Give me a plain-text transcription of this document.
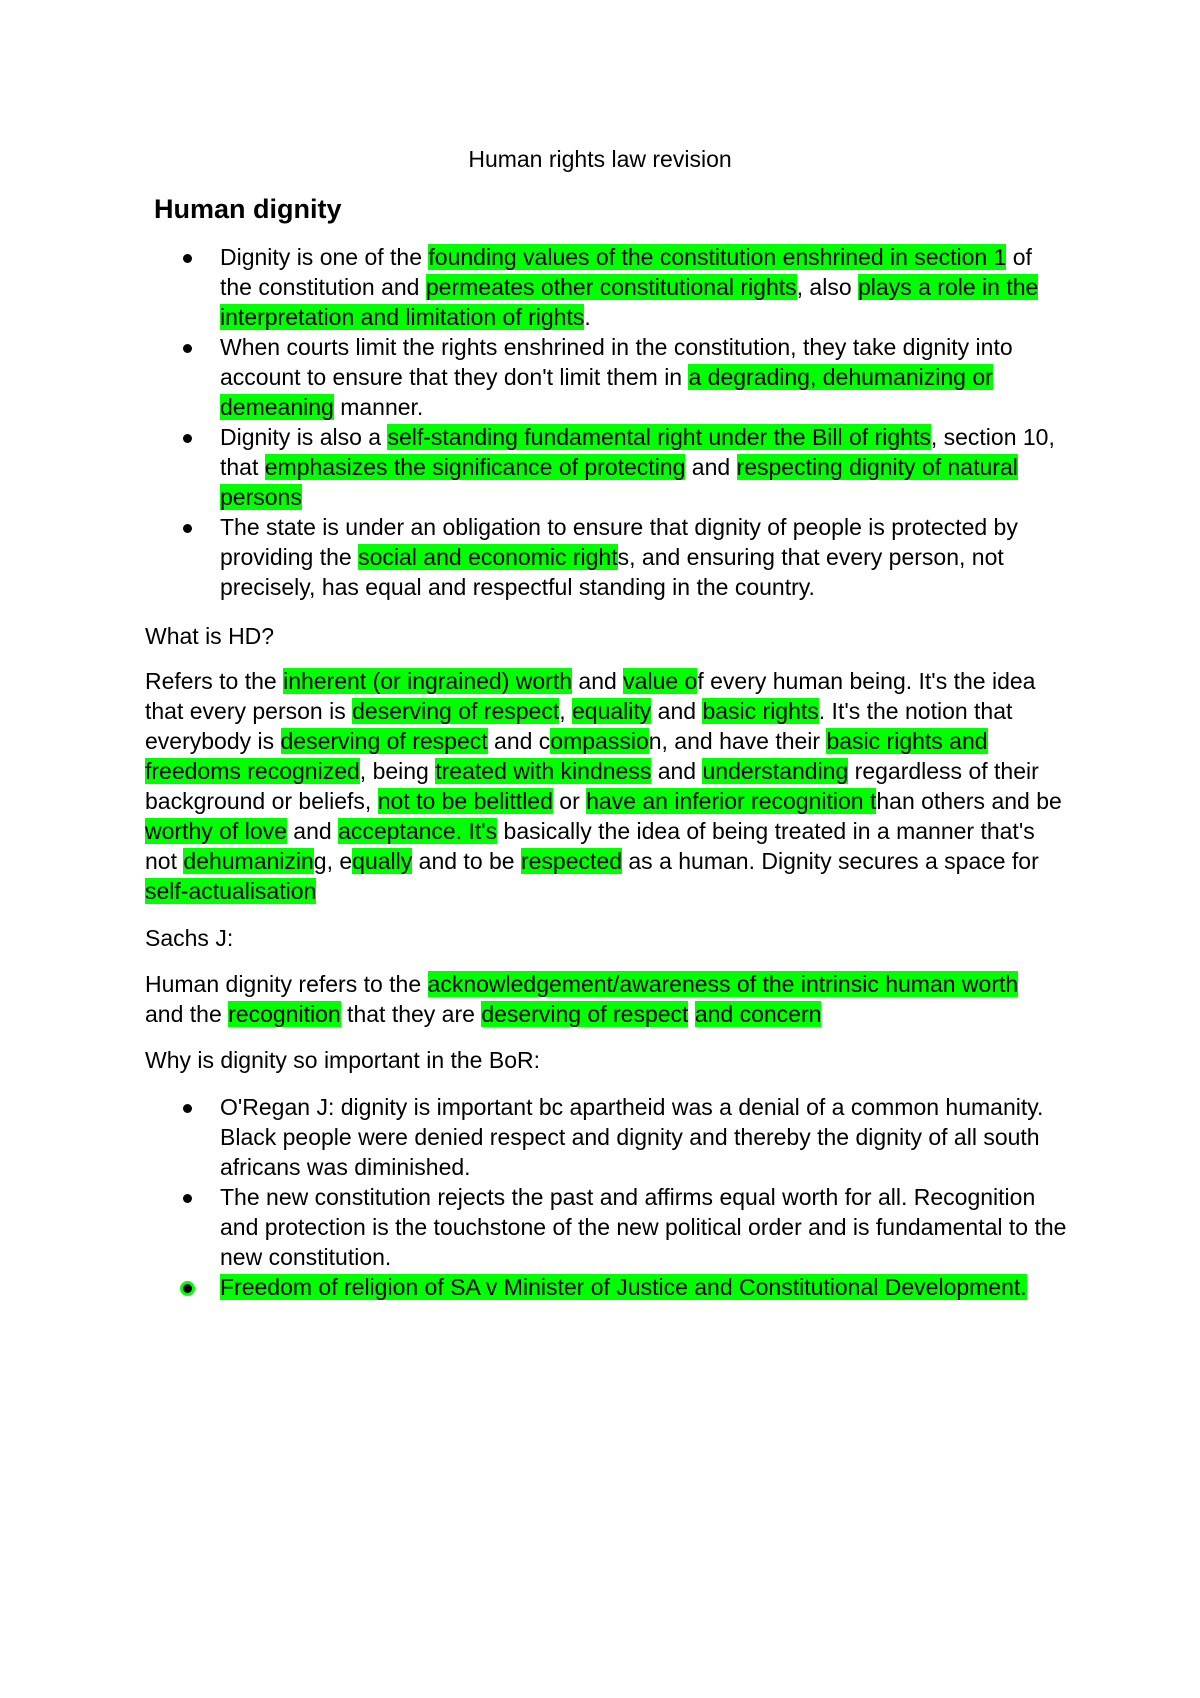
Human rights law revision
Human dignity
Dignity is one of the founding values of the constitution enshrined in section 1 of the constitution and permeates other constitutional rights, also plays a role in the interpretation and limitation of rights.
When courts limit the rights enshrined in the constitution, they take dignity into account to ensure that they don't limit them in a degrading, dehumanizing or demeaning manner.
Dignity is also a self-standing fundamental right under the Bill of rights, section 10, that emphasizes the significance of protecting and respecting dignity of natural persons
The state is under an obligation to ensure that dignity of people is protected by providing the social and economic rights, and ensuring that every person, not precisely, has equal and respectful standing in the country.

What is HD?

Refers to the inherent (or ingrained) worth and value of every human being. It's the idea that every person is deserving of respect, equality and basic rights. It's the notion that everybody is deserving of respect and compassion, and have their basic rights and freedoms recognized, being treated with kindness and understanding regardless of their background or beliefs, not to be belittled or have an inferior recognition than others and be worthy of love and acceptance. It's basically the idea of being treated in a manner that's not dehumanizing, equally and to be respected as a human. Dignity secures a space for self-actualisation

Sachs J:

Human dignity refers to the acknowledgement/awareness of the intrinsic human worth and the recognition that they are deserving of respect and concern

Why is dignity so important in the BoR:

O'Regan J: dignity is important bc apartheid was a denial of a common humanity. Black people were denied respect and dignity and thereby the dignity of all south africans was diminished.
The new constitution rejects the past and affirms equal worth for all. Recognition and protection is the touchstone of the new political order and is fundamental to the new constitution.
Freedom of religion of SA v Minister of Justice and Constitutional Development.
